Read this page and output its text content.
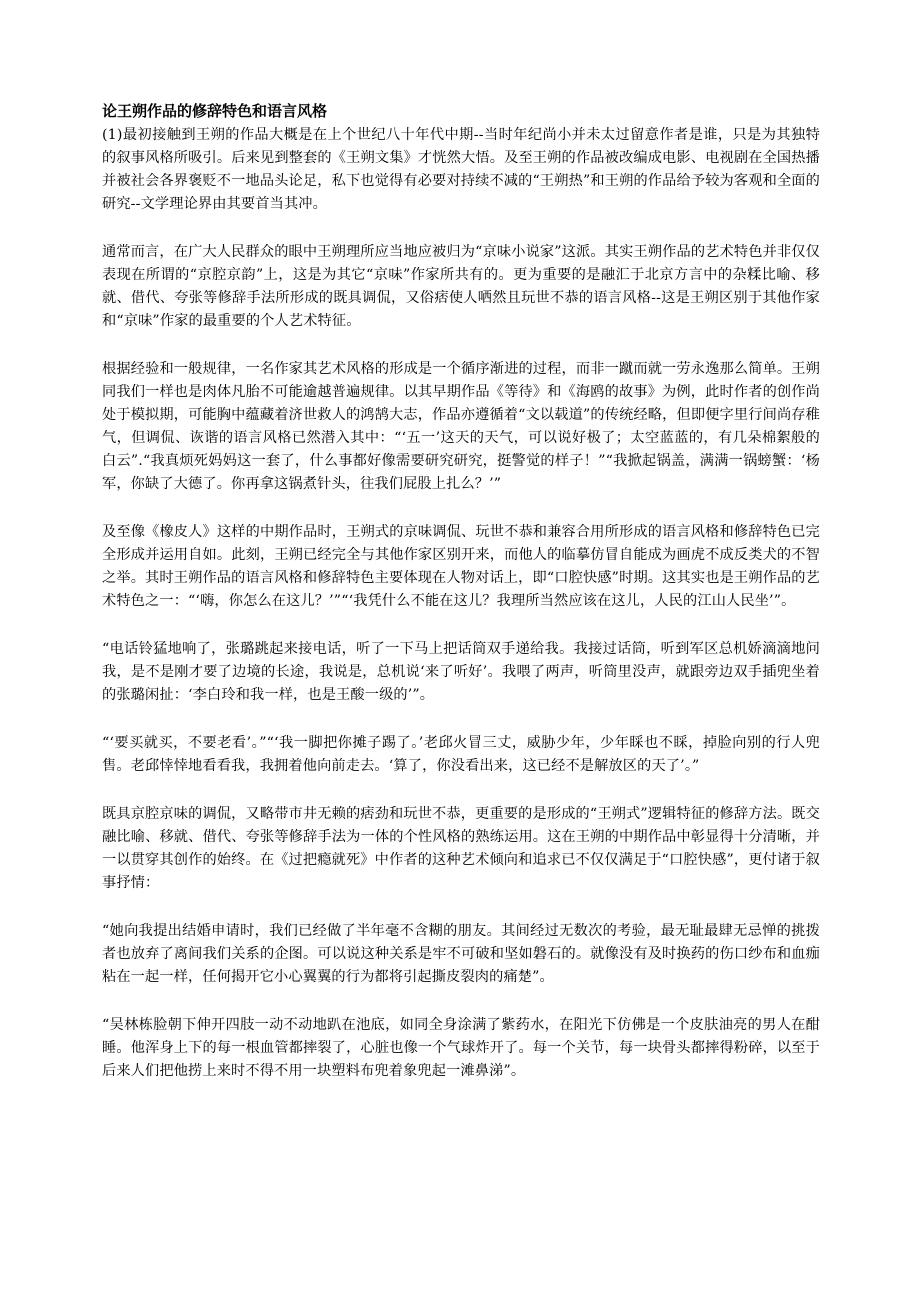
论王朔作品的修辞特色和语言风格

(1)最初接触到王朔的作品大概是在上个世纪八十年代中期--当时年纪尚小并未太过留意作者是谁，只是为其独特的叙事风格所吸引。后来见到整套的《王朔文集》才恍然大悟。及至王朔的作品被改编成电影、电视剧在全国热播并被社会各界褒贬不一地品头论足，私下也觉得有必要对持续不减的“王朔热”和王朔的作品给予较为客观和全面的研究--文学理论界由其要首当其冲。

通常而言，在广大人民群众的眼中王朔理所应当地应被归为“京味小说家”这派。其实王朔作品的艺术特色并非仅仅表现在所谓的“京腔京韵”上，这是为其它“京味”作家所共有的。更为重要的是融汇于北京方言中的杂糅比喻、移就、借代、夸张等修辞手法所形成的既具调侃，又俗痞使人哂然且玩世不恭的语言风格--这是王朔区别于其他作家和“京味”作家的最重要的个人艺术特征。

根据经验和一般规律，一名作家其艺术风格的形成是一个循序渐进的过程，而非一蹴而就一劳永逸那么简单。王朔同我们一样也是肉体凡胎不可能逾越普遍规律。以其早期作品《等待》和《海鸥的故事》为例，此时作者的创作尚处于模拟期，可能胸中蕴藏着济世救人的鸿鹄大志，作品亦遵循着“文以载道”的传统经略，但即便字里行间尚存稚气，但调侃、诙谐的语言风格已然潜入其中：“‘五一’这天的天气，可以说好极了；太空蓝蓝的，有几朵棉絮般的白云”.“我真烦死妈妈这一套了，什么事都好像需要研究研究，挺警觉的样子！”“我掀起锅盖，满满一锅螃蟹：‘杨军，你缺了大德了。你再拿这锅煮针头，往我们屁股上扎么？’”

及至像《橡皮人》这样的中期作品时，王朔式的京味调侃、玩世不恭和兼容合用所形成的语言风格和修辞特色已完全形成并运用自如。此刻，王朔已经完全与其他作家区别开来，而他人的临摹仿冒自能成为画虎不成反类犬的不智之举。其时王朔作品的语言风格和修辞特色主要体现在人物对话上，即“口腔快感”时期。这其实也是王朔作品的艺术特色之一：“‘嗨，你怎么在这儿？’”“‘我凭什么不能在这儿？我理所当然应该在这儿，人民的江山人民坐’”。

“电话铃猛地响了，张璐跳起来接电话，听了一下马上把话筒双手递给我。我接过话筒，听到军区总机娇滴滴地问我，是不是刚才要了边境的长途，我说是，总机说‘来了听好’。我喂了两声，听筒里没声，就跟旁边双手插兜坐着的张璐闲扯：‘李白玲和我一样，也是王酸一级的’”。

“‘要买就买，不要老看’。”“‘我一脚把你摊子踢了。’老邱火冒三丈，威胁少年，少年睬也不睬，掉脸向别的行人兜售。老邱悻悻地看看我，我拥着他向前走去。‘算了，你没看出来，这已经不是解放区的天了’。”

既具京腔京味的调侃，又略带市井无赖的痞劲和玩世不恭，更重要的是形成的“王朔式”逻辑特征的修辞方法。既交融比喻、移就、借代、夸张等修辞手法为一体的个性风格的熟练运用。这在王朔的中期作品中彰显得十分清晰，并一以贯穿其创作的始终。在《过把瘾就死》中作者的这种艺术倾向和追求已不仅仅满足于“口腔快感”，更付诸于叙事抒情：

“她向我提出结婚申请时，我们已经做了半年毫不含糊的朋友。其间经过无数次的考验，最无耻最肆无忌惮的挑拨者也放弃了离间我们关系的企图。可以说这种关系是牢不可破和坚如磐石的。就像没有及时换药的伤口纱布和血痂粘在一起一样，任何揭开它小心翼翼的行为都将引起撕皮裂肉的痛楚”。

“吴林栋脸朝下伸开四肢一动不动地趴在池底，如同全身涂满了紫药水，在阳光下仿佛是一个皮肤油亮的男人在酣睡。他浑身上下的每一根血管都摔裂了，心脏也像一个气球炸开了。每一个关节，每一块骨头都摔得粉碎，以至于后来人们把他捞上来时不得不用一块塑料布兜着象兜起一滩鼻涕”。
